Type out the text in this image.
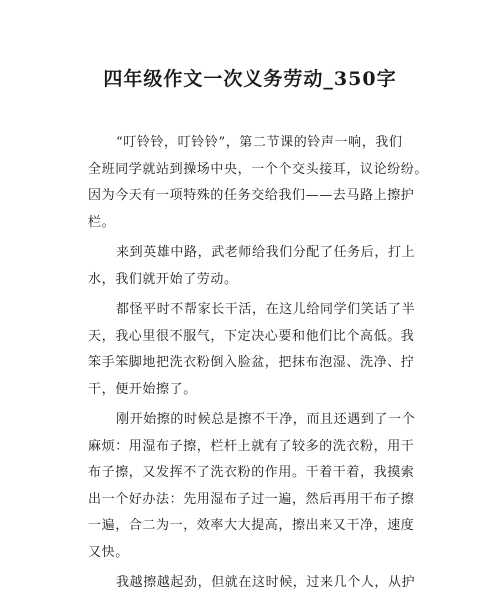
四年级作文一次义务劳动_350字

“叮铃铃，叮铃铃”，第二节课的铃声一响，我们
全班同学就站到操场中央，一个个交头接耳，议论纷纷。
因为今天有一项特殊的任务交给我们——去马路上擦护
栏。

来到英雄中路，武老师给我们分配了任务后，打上
水，我们就开始了劳动。

都怪平时不帮家长干活，在这儿给同学们笑话了半
天，我心里很不服气，下定决心要和他们比个高低。我
笨手笨脚地把洗衣粉倒入脸盆，把抹布泡湿、洗净、拧
干，便开始擦了。

刚开始擦的时候总是擦不干净，而且还遇到了一个
麻烦：用湿布子擦，栏杆上就有了较多的洗衣粉，用干
布子擦，又发挥不了洗衣粉的作用。干着干着，我摸索
出一个好办法：先用湿布子过一遍，然后再用干布子擦
一遍，合二为一，效率大大提高，擦出来又干净，速度
又快。

我越擦越起劲，但就在这时候，过来几个人，从护
